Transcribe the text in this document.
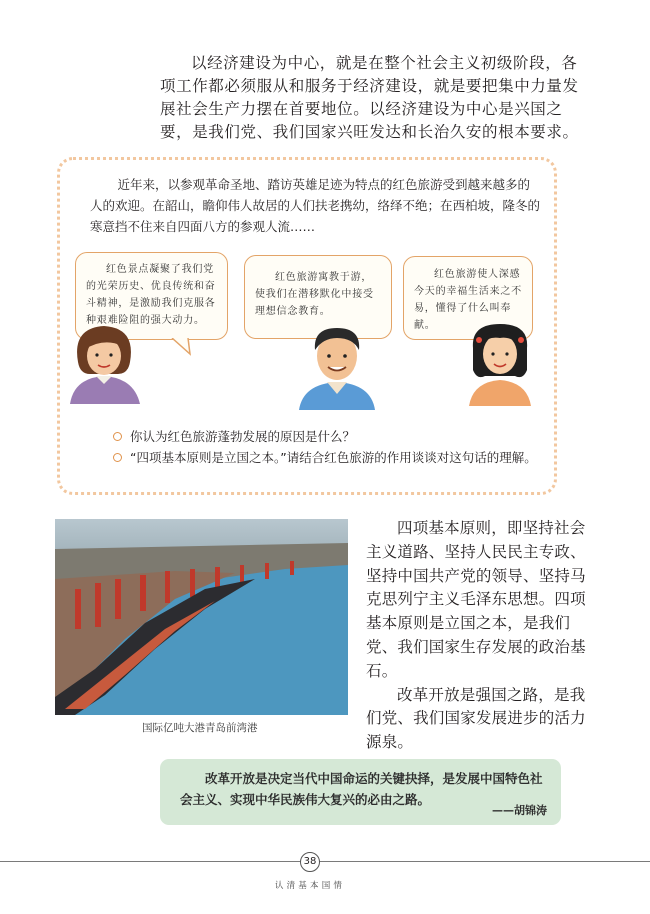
以经济建设为中心，就是在整个社会主义初级阶段，各项工作都必须服从和服务于经济建设，就是要把集中力量发展社会生产力摆在首要地位。以经济建设为中心是兴国之要，是我们党、我们国家兴旺发达和长治久安的根本要求。

近年来，以参观革命圣地、踏访英雄足迹为特点的红色旅游受到越来越多的人的欢迎。在韶山，瞻仰伟人故居的人们扶老携幼，络绎不绝；在西柏坡，隆冬的寒意挡不住来自四面八方的参观人流……

红色景点凝聚了我们党的光荣历史、优良传统和奋斗精神，是激励我们克服各种艰难险阻的强大动力。
红色旅游寓教于游，使我们在潜移默化中接受理想信念教育。
红色旅游使人深感今天的幸福生活来之不易，懂得了什么叫奉献。
你认为红色旅游蓬勃发展的原因是什么？
“四项基本原则是立国之本。”请结合红色旅游的作用谈谈对这句话的理解。
国际亿吨大港青岛前湾港

四项基本原则，即坚持社会主义道路、坚持人民民主专政、坚持中国共产党的领导、坚持马克思列宁主义毛泽东思想。四项基本原则是立国之本，是我们党、我们国家生存发展的政治基石。

改革开放是强国之路，是我们党、我们国家发展进步的活力源泉。

改革开放是决定当代中国命运的关键抉择，是发展中国特色社会主义、实现中华民族伟大复兴的必由之路。

——胡锦涛
38
认清基本国情
